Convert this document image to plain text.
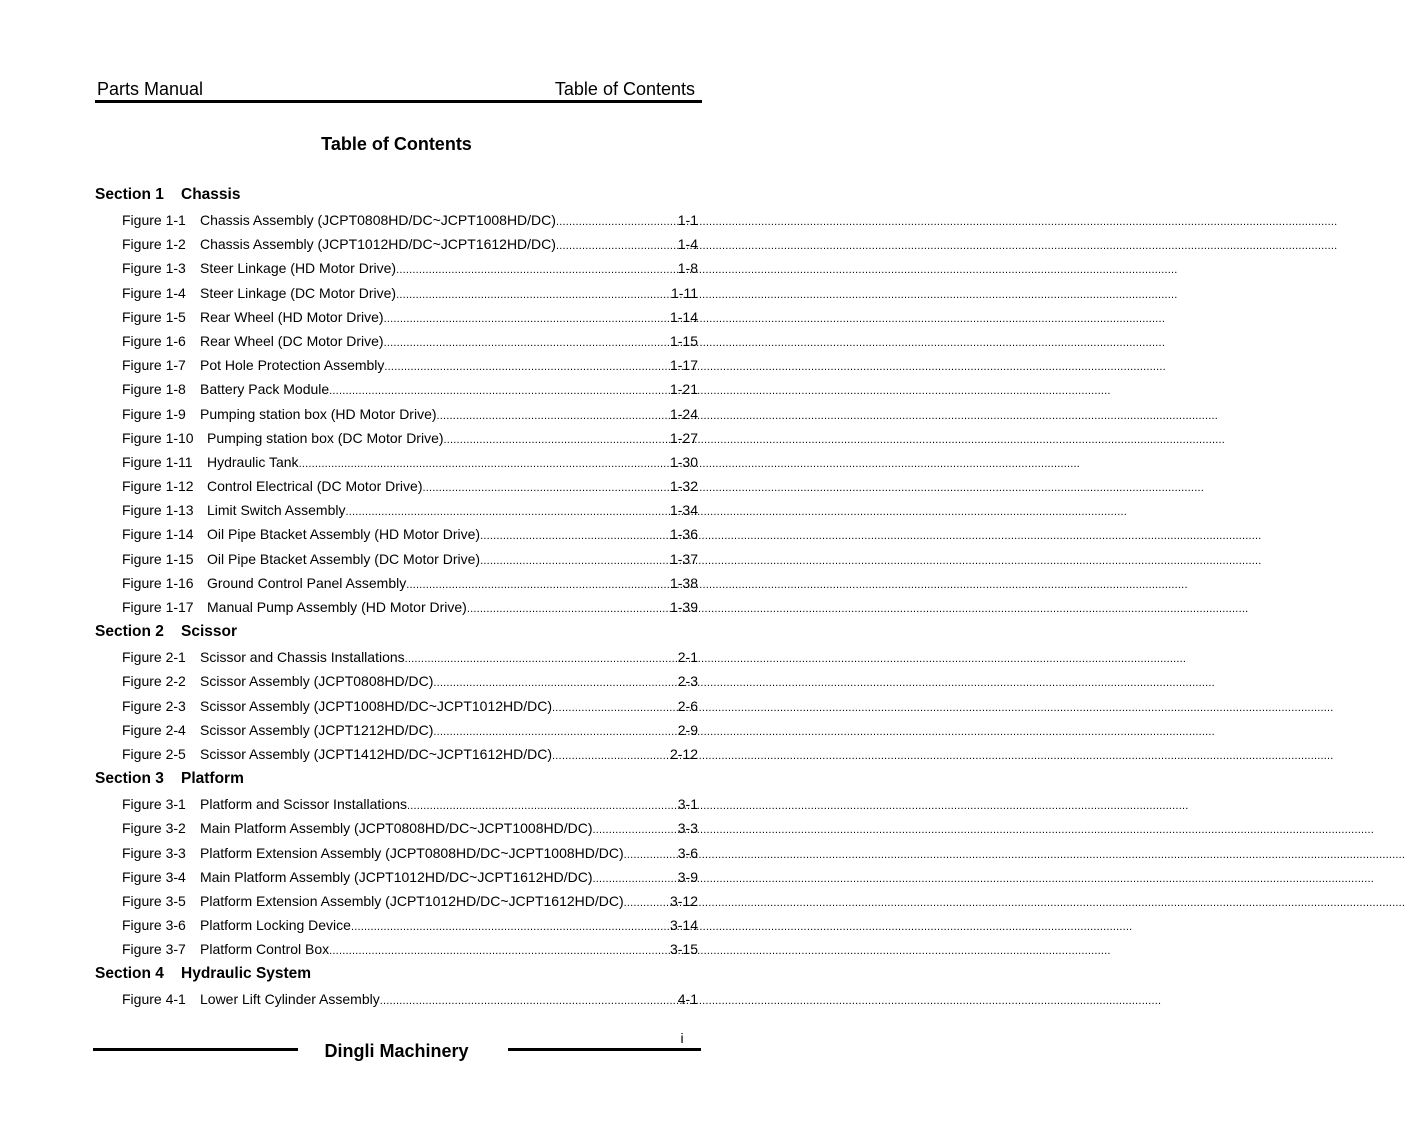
Parts Manual	Table of Contents
Table of Contents
Section 1 Chassis
Figure 1-1	Chassis Assembly (JCPT0808HD/DC~JCPT1008HD/DC) .....	1-1
Figure 1-2	Chassis Assembly (JCPT1012HD/DC~JCPT1612HD/DC) .....	1-4
Figure 1-3	Steer Linkage (HD Motor Drive) .....	1-8
Figure 1-4	Steer Linkage (DC Motor Drive) .....	1-11
Figure 1-5	Rear Wheel (HD Motor Drive) .....	1-14
Figure 1-6	Rear Wheel (DC Motor Drive) .....	1-15
Figure 1-7	Pot Hole Protection Assembly .....	1-17
Figure 1-8	Battery Pack Module .....	1-21
Figure 1-9	Pumping station box (HD Motor Drive) .....	1-24
Figure 1-10 Pumping station box (DC Motor Drive) .....	1-27
Figure 1-11	Hydraulic Tank .....	1-30
Figure 1-12 Control Electrical (DC Motor Drive) .....	1-32
Figure 1-13 Limit Switch Assembly .....	1-34
Figure 1-14 Oil Pipe Btacket Assembly (HD Motor Drive) .....	1-36
Figure 1-15 Oil Pipe Btacket Assembly (DC Motor Drive) .....	1-37
Figure 1-16 Ground Control Panel Assembly .....	1-38
Figure 1-17 Manual Pump Assembly (HD Motor Drive) .....	1-39
Section 2 Scissor
Figure 2-1	Scissor and Chassis Installations .....	2-1
Figure 2-2	Scissor Assembly (JCPT0808HD/DC) .....	2-3
Figure 2-3	Scissor Assembly (JCPT1008HD/DC~JCPT1012HD/DC) .....	2-6
Figure 2-4	Scissor Assembly (JCPT1212HD/DC) .....	2-9
Figure 2-5	Scissor Assembly (JCPT1412HD/DC~JCPT1612HD/DC) .....	2-12
Section 3 Platform
Figure 3-1	Platform and Scissor Installations .....	3-1
Figure 3-2	Main Platform Assembly (JCPT0808HD/DC~JCPT1008HD/DC) .....	3-3
Figure 3-3	Platform Extension Assembly (JCPT0808HD/DC~JCPT1008HD/DC) .....	3-6
Figure 3-4	Main Platform Assembly (JCPT1012HD/DC~JCPT1612HD/DC) .....	3-9
Figure 3-5	Platform Extension Assembly (JCPT1012HD/DC~JCPT1612HD/DC) .....	3-12
Figure 3-6	Platform Locking Device .....	3-14
Figure 3-7	Platform Control Box .....	3-15
Section 4 Hydraulic System
Figure 4-1	Lower Lift Cylinder Assembly .....	4-1
i
Dingli Machinery
